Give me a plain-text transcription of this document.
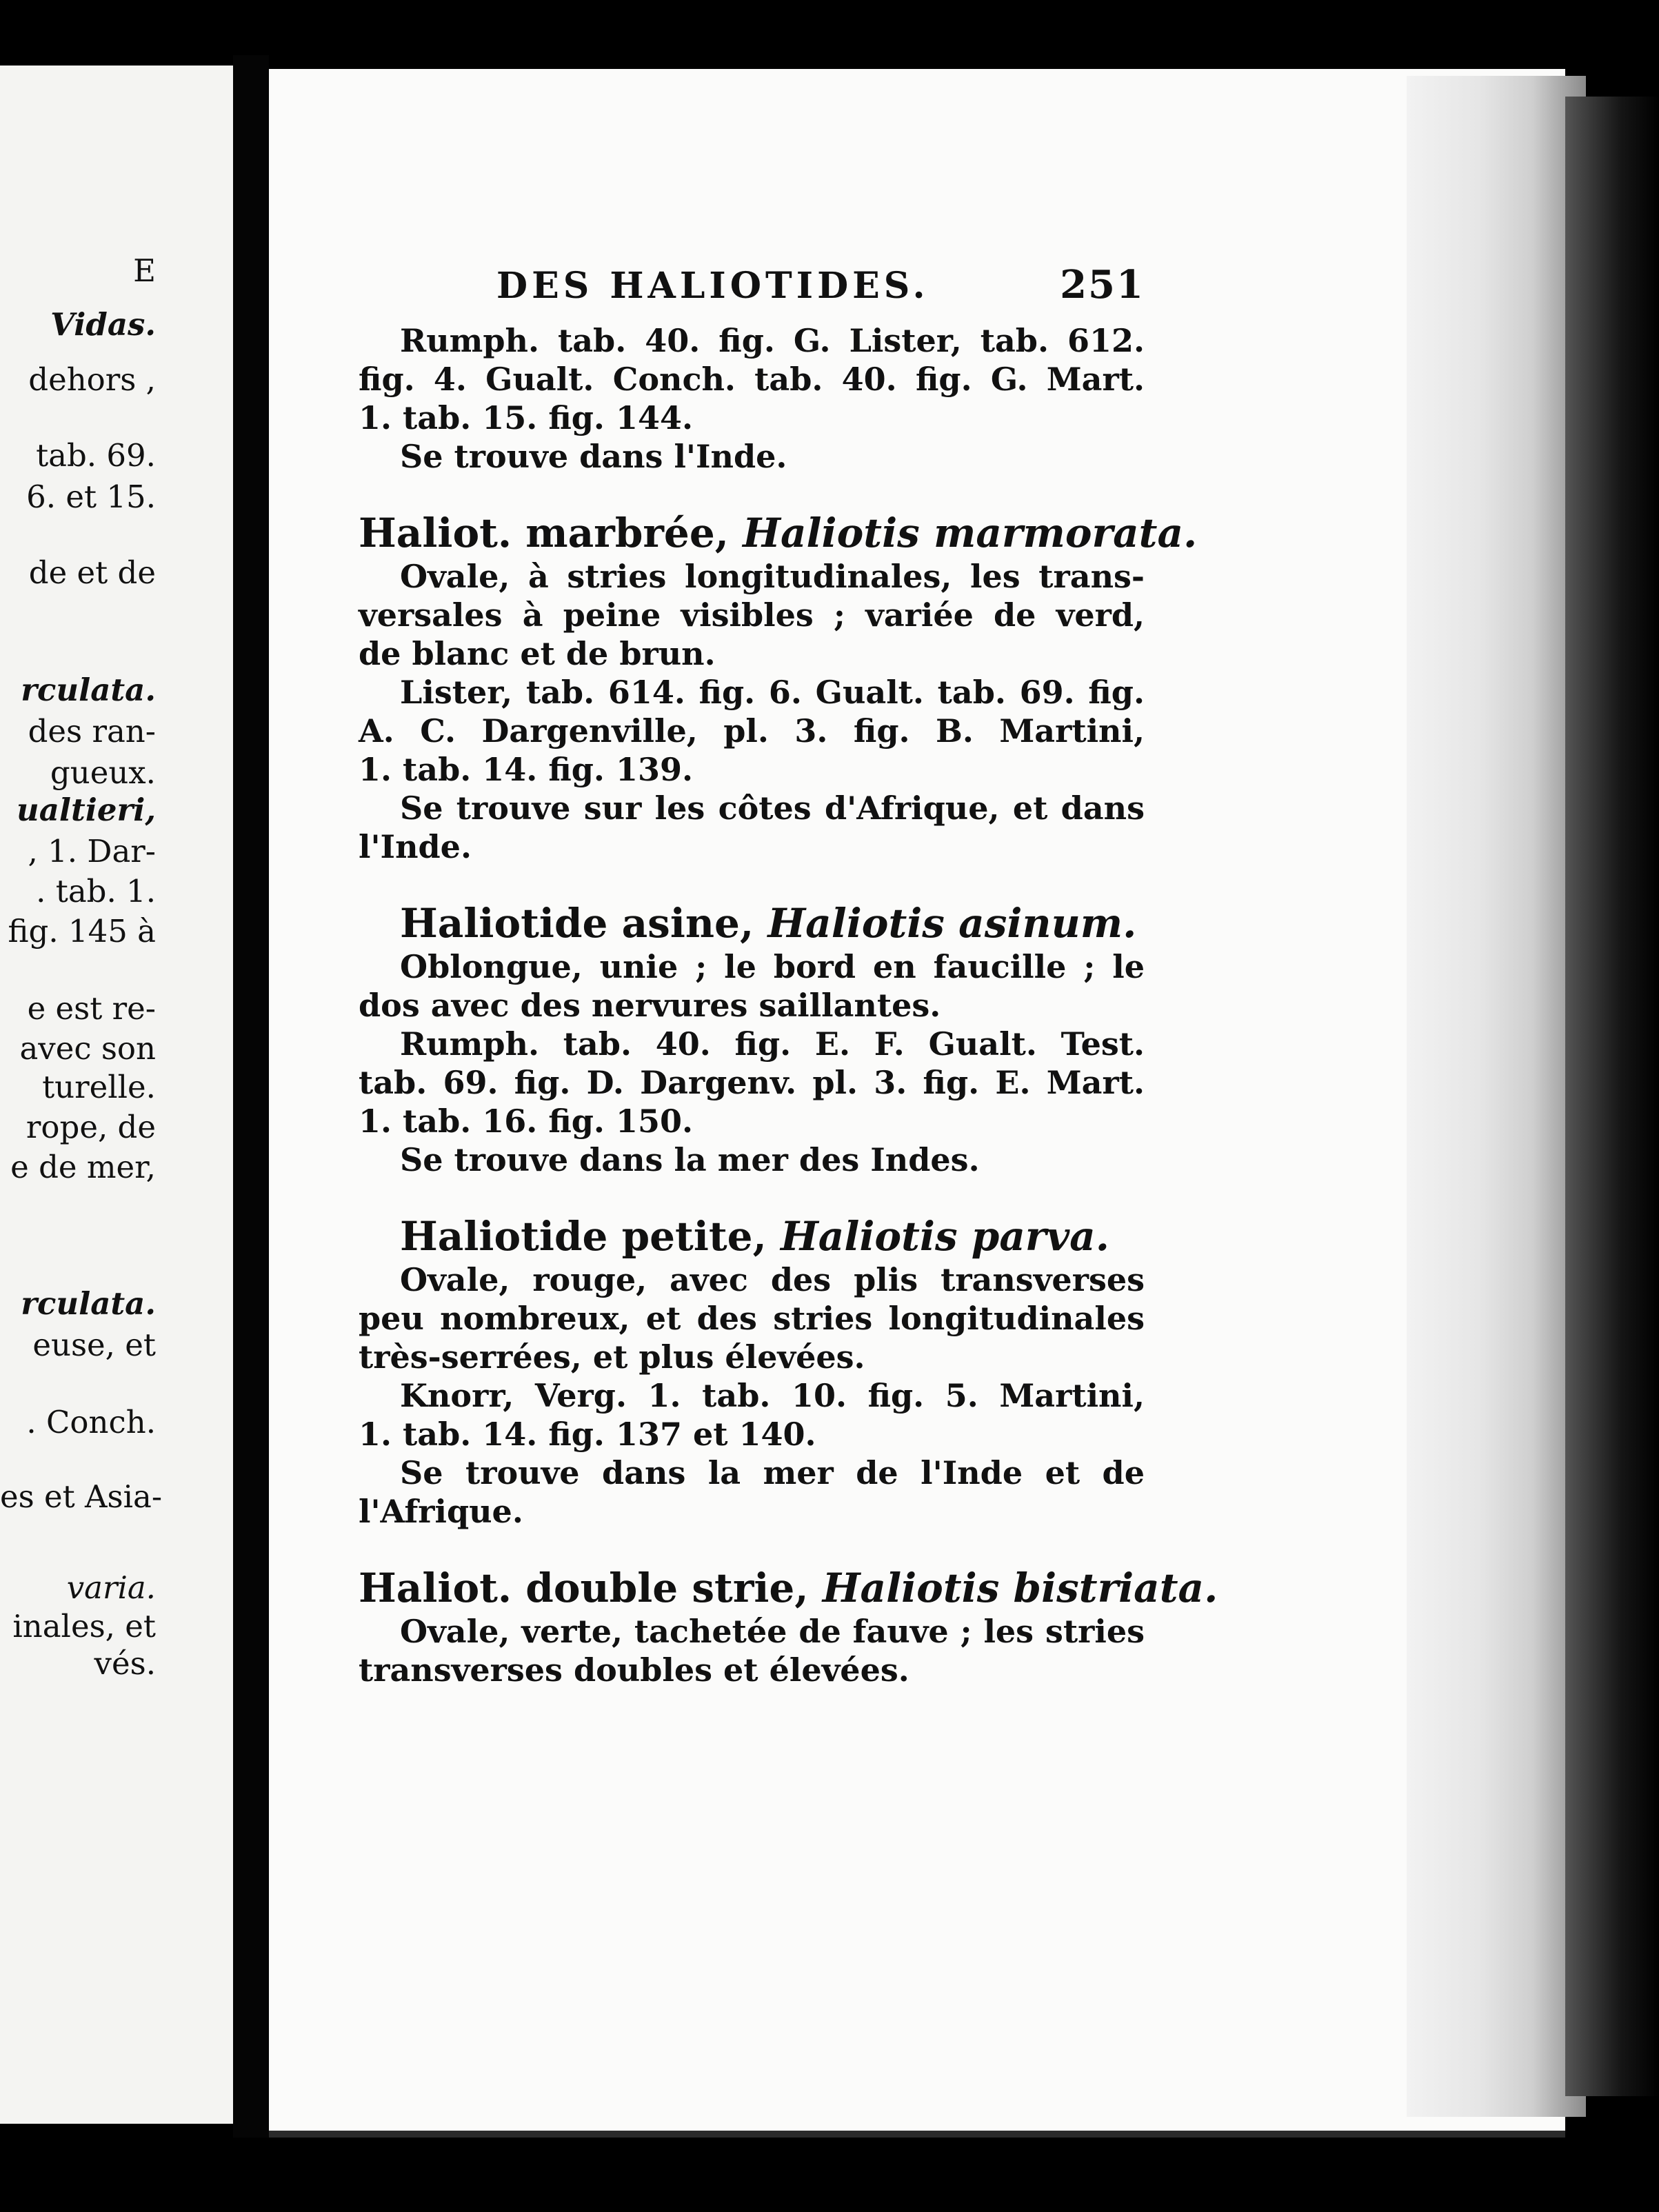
E
Vidas.
dehors ,
tab. 69.
6. et 15.
de et de
rculata.
des ran-
gueux.
ualtieri,
, 1. Dar-
. tab. 1.
fig. 145 à
e est re-
avec son
turelle.
rope, de
e de mer,
rculata.
euse, et
. Conch.
es et Asia-
varia.
inales, et
vés.
DES HALIOTIDES.	251
Rumph. tab. 40. fig. G. Lister, tab. 612.
fig. 4. Gualt. Conch. tab. 40. fig. G. Mart.
1. tab. 15. fig. 144.
Se trouve dans l'Inde.
Haliot. marbrée, Haliotis marmorata.
Ovale, à stries longitudinales, les trans-
versales à peine visibles ; variée de verd,
de blanc et de brun.
Lister, tab. 614. fig. 6. Gualt. tab. 69. fig.
A. C. Dargenville, pl. 3. fig. B. Martini,
1. tab. 14. fig. 139.
Se trouve sur les côtes d'Afrique, et dans
l'Inde.
Haliotide asine, Haliotis asinum.
Oblongue, unie ; le bord en faucille ; le
dos avec des nervures saillantes.
Rumph. tab. 40. fig. E. F. Gualt. Test.
tab. 69. fig. D. Dargenv. pl. 3. fig. E. Mart.
1. tab. 16. fig. 150.
Se trouve dans la mer des Indes.
Haliotide petite, Haliotis parva.
Ovale, rouge, avec des plis transverses
peu nombreux, et des stries longitudinales
très-serrées, et plus élevées.
Knorr, Verg. 1. tab. 10. fig. 5. Martini,
1. tab. 14. fig. 137 et 140.
Se trouve dans la mer de l'Inde et de
l'Afrique.
Haliot. double strie, Haliotis bistriata.
Ovale, verte, tachetée de fauve ; les stries
transverses doubles et élevées.
